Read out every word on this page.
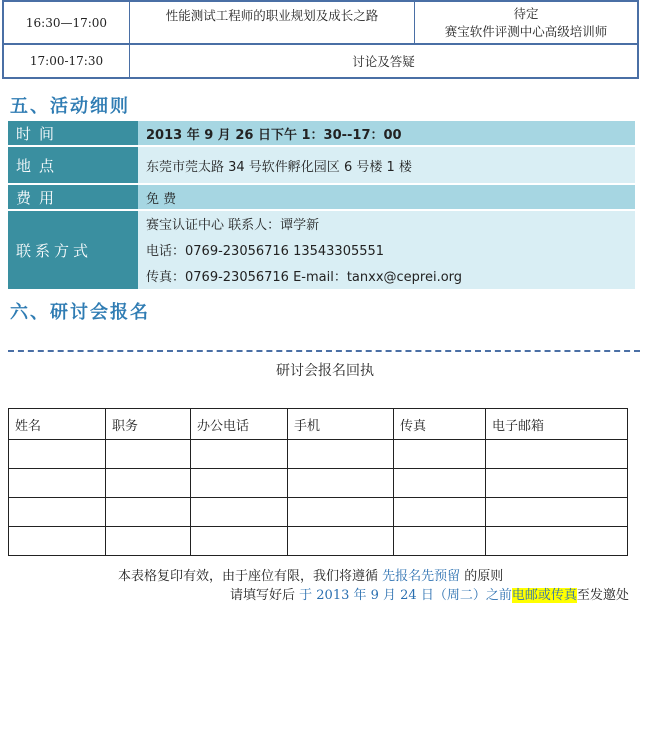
16:30—17:00	性能测试工程师的职业规划及成长之路	待定
赛宝软件评测中心高级培训师
17:00-17:30	讨论及答疑
五、活动细则
时间	2013 年 9 月 26 日下午 1：30--17：00
地点	东莞市莞太路 34 号软件孵化园区 6 号楼 1 楼
费用	免 费
联系方式
赛宝认证中心 联系人：谭学新
电话：0769-23056716 13543305551
传真：0769-23056716 E-mail：tanxx@ceprei.org
六、研讨会报名
研讨会报名回执
姓名	职务	办公电话	手机	传真	电子邮箱

本表格复印有效，由于座位有限，我们将遵循 先报名先预留 的原则
请填写好后 于 2013 年 9 月 24 日（周二）之前电邮或传真至发邀处
